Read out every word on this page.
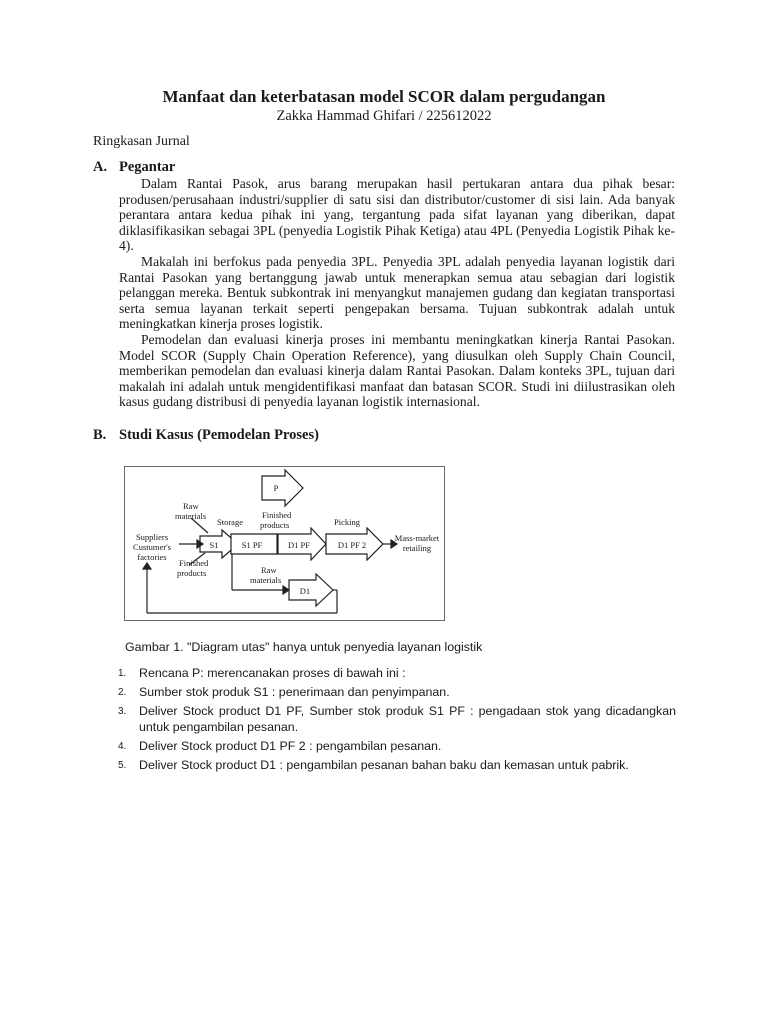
Manfaat dan keterbatasan model SCOR dalam pergudangan
Zakka Hammad Ghifari / 225612022
Ringkasan Jurnal
A. Pegantar

Dalam Rantai Pasok, arus barang merupakan hasil pertukaran antara dua pihak besar: produsen/perusahaan industri/supplier di satu sisi dan distributor/customer di sisi lain. Ada banyak perantara antara kedua pihak ini yang, tergantung pada sifat layanan yang diberikan, dapat diklasifikasikan sebagai 3PL (penyedia Logistik Pihak Ketiga) atau 4PL (Penyedia Logistik Pihak ke-4).

Makalah ini berfokus pada penyedia 3PL. Penyedia 3PL adalah penyedia layanan logistik dari Rantai Pasokan yang bertanggung jawab untuk menerapkan semua atau sebagian dari logistik pelanggan mereka. Bentuk subkontrak ini menyangkut manajemen gudang dan kegiatan transportasi serta semua layanan terkait seperti pengepakan bersama. Tujuan subkontrak adalah untuk meningkatkan kinerja proses logistik.

Pemodelan dan evaluasi kinerja proses ini membantu meningkatkan kinerja Rantai Pasokan. Model SCOR (Supply Chain Operation Reference), yang diusulkan oleh Supply Chain Council, memberikan pemodelan dan evaluasi kinerja dalam Rantai Pasokan. Dalam konteks 3PL, tujuan dari makalah ini adalah untuk mengidentifikasi manfaat dan batasan SCOR. Studi ini diilustrasikan oleh kasus gudang distribusi di penyedia layanan logistik internasional.

B. Studi Kasus (Pemodelan Proses)
P
Raw
materials
Storage
Finished
products	Picking
Suppliers
Custumer's
factories
S1	S1 PF	D1 PF	D1 PF 2
Mass-market
retailing
Finished
products	Raw
materials
D1
Gambar 1. "Diagram utas" hanya untuk penyedia layanan logistik
1. Rencana P: merencanakan proses di bawah ini :
2. Sumber stok produk S1 : penerimaan dan penyimpanan.
3. Deliver Stock product D1 PF, Sumber stok produk S1 PF : pengadaan stok yang dicadangkan untuk pengambilan pesanan.
4. Deliver Stock product D1 PF 2 : pengambilan pesanan.
5. Deliver Stock product D1 : pengambilan pesanan bahan baku dan kemasan untuk pabrik.
